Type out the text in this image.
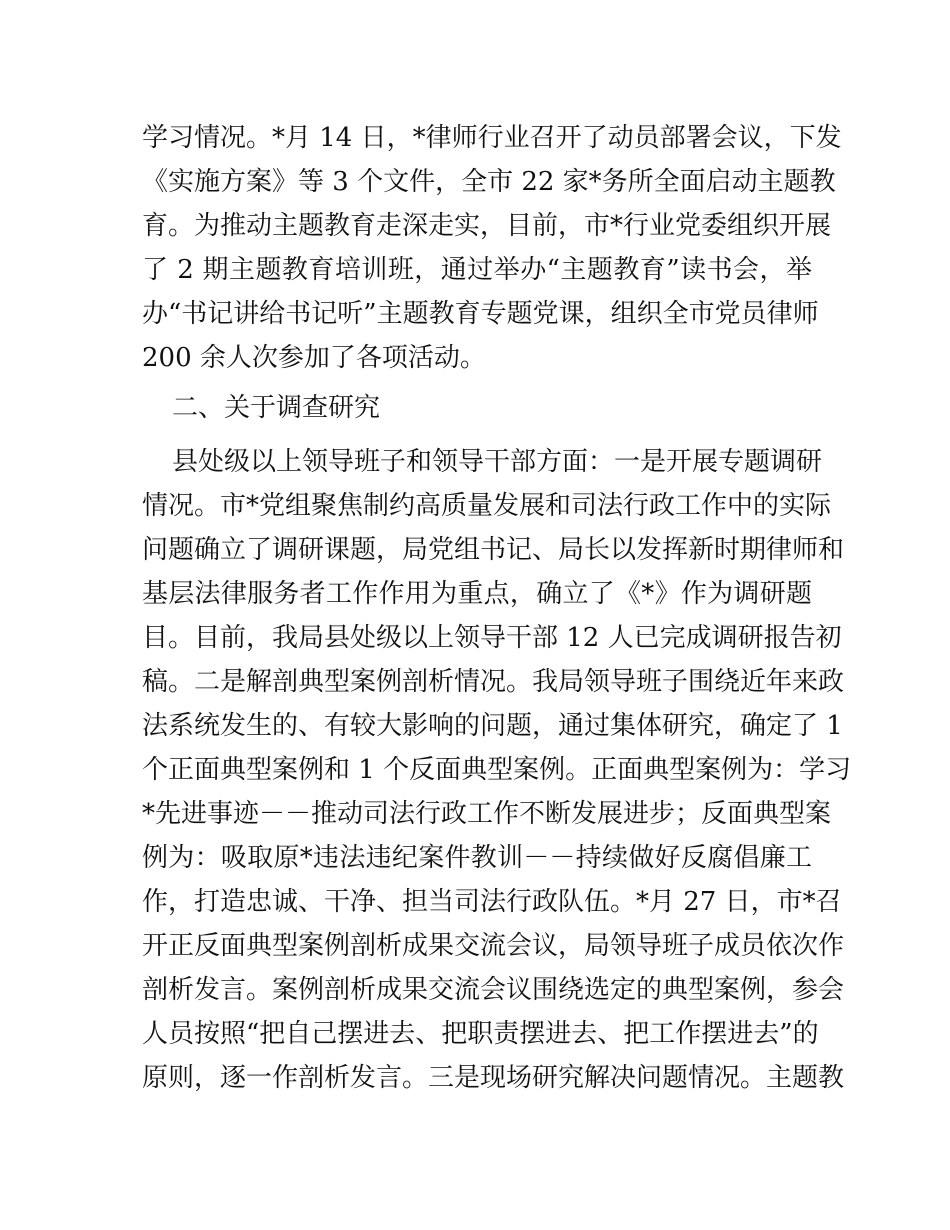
学习情况。*月 14 日，*律师行业召开了动员部署会议，下发
《实施方案》等 3 个文件，全市 22 家*务所全面启动主题教
育。为推动主题教育走深走实，目前，市*行业党委组织开展
了 2 期主题教育培训班，通过举办“主题教育”读书会，举
办“书记讲给书记听”主题教育专题党课，组织全市党员律师
200 余人次参加了各项活动。
二、关于调查研究
县处级以上领导班子和领导干部方面：一是开展专题调研
情况。市*党组聚焦制约高质量发展和司法行政工作中的实际
问题确立了调研课题，局党组书记、局长以发挥新时期律师和
基层法律服务者工作作用为重点，确立了《*》作为调研题
目。目前，我局县处级以上领导干部 12 人已完成调研报告初
稿。二是解剖典型案例剖析情况。我局领导班子围绕近年来政
法系统发生的、有较大影响的问题，通过集体研究，确定了 1
个正面典型案例和 1 个反面典型案例。正面典型案例为：学习
*先进事迹－－推动司法行政工作不断发展进步；反面典型案
例为：吸取原*违法违纪案件教训－－持续做好反腐倡廉工
作，打造忠诚、干净、担当司法行政队伍。*月 27 日，市*召
开正反面典型案例剖析成果交流会议，局领导班子成员依次作
剖析发言。案例剖析成果交流会议围绕选定的典型案例，参会
人员按照“把自己摆进去、把职责摆进去、把工作摆进去”的
原则，逐一作剖析发言。三是现场研究解决问题情况。主题教
